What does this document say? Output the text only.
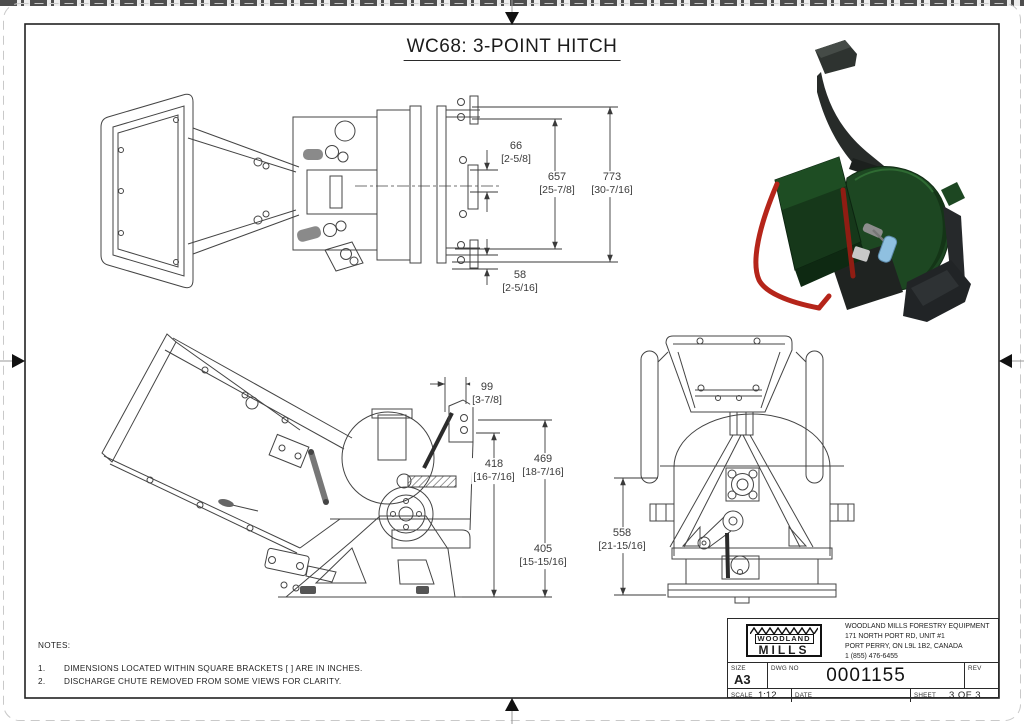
WC68: 3-POINT HITCH
66
[2-5/8]
657
[25-7/8]
773
[30-7/16]
58
[2-5/16]
99
[3-7/8]
418
[16-7/16]
469
[18-7/16]
405
[15-15/16]
558
[21-15/16]
NOTES:
1.	DIMENSIONS LOCATED WITHIN SQUARE BRACKETS [ ] ARE IN INCHES.
2.	DISCHARGE CHUTE REMOVED FROM SOME VIEWS FOR CLARITY.
WOODLAND
MILLS
WOODLAND MILLS FORESTRY EQUIPMENT
171 NORTH PORT RD, UNIT #1
PORT PERRY, ON L9L 1B2, CANADA
1 (855) 476-6455
SIZE
A3
DWG NO	0001155	REV
SCALE 1:12	DATE	SHEET 3 OF 3
